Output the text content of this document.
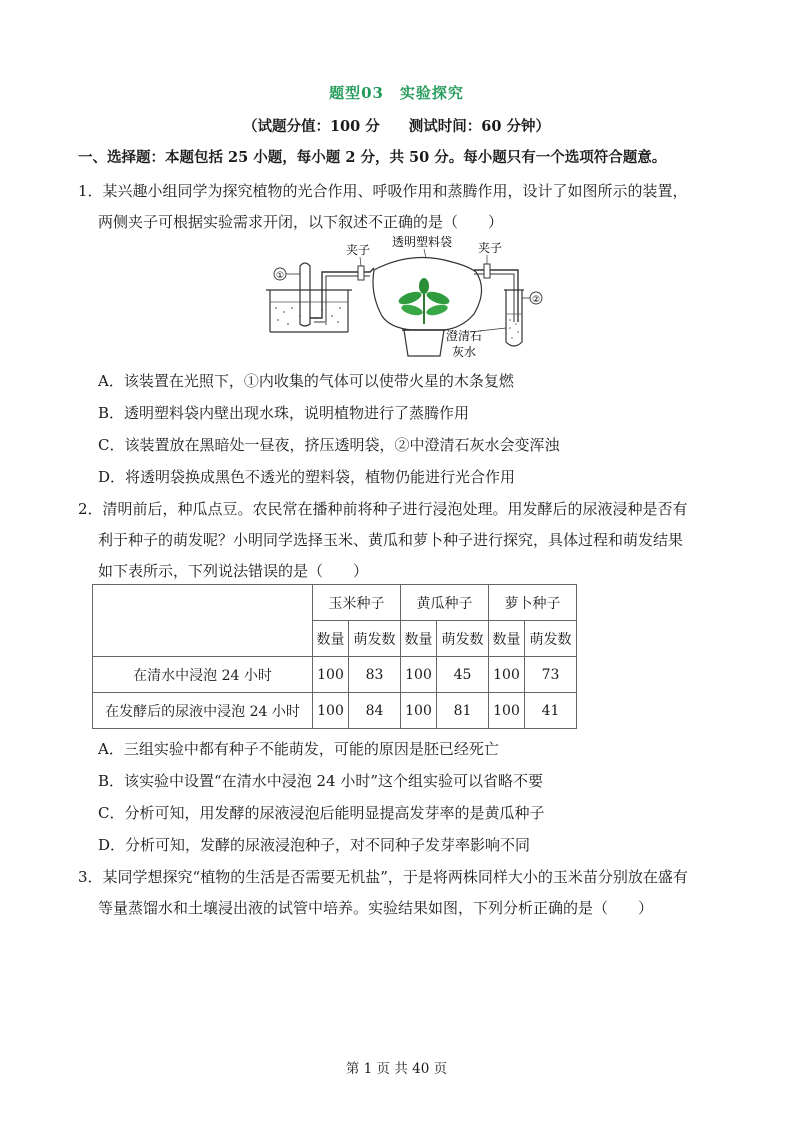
题型03　实验探究
（试题分值：100 分　　测试时间：60 分钟）
一、选择题：本题包括 25 小题，每小题 2 分，共 50 分。每小题只有一个选项符合题意。
1．某兴趣小组同学为探究植物的光合作用、呼吸作用和蒸腾作用，设计了如图所示的装置，
两侧夹子可根据实验需求开闭，以下叙述不正确的是（　　）
①
夹子
透明塑料袋 夹子
②
澄清石
灰水
A．该装置在光照下，①内收集的气体可以使带火星的木条复燃
B．透明塑料袋内壁出现水珠，说明植物进行了蒸腾作用
C．该装置放在黑暗处一昼夜，挤压透明袋，②中澄清石灰水会变浑浊
D．将透明袋换成黑色不透光的塑料袋，植物仍能进行光合作用
2．清明前后，种瓜点豆。农民常在播种前将种子进行浸泡处理。用发酵后的尿液浸种是否有
利于种子的萌发呢？小明同学选择玉米、黄瓜和萝卜种子进行探究，具体过程和萌发结果
如下表所示，下列说法错误的是（　　）
	玉米种子		黄瓜种子		萝卜种子	
	数量	萌发数	数量	萌发数	数量	萌发数
在清水中浸泡 24 小时	100	83	100	45	100	73
在发酵后的尿液中浸泡 24 小时	100	84	100	81	100	41
A．三组实验中都有种子不能萌发，可能的原因是胚已经死亡
B．该实验中设置“在清水中浸泡 24 小时”这个组实验可以省略不要
C．分析可知，用发酵的尿液浸泡后能明显提高发芽率的是黄瓜种子
D．分析可知，发酵的尿液浸泡种子，对不同种子发芽率影响不同
3．某同学想探究“植物的生活是否需要无机盐”，于是将两株同样大小的玉米苗分别放在盛有
等量蒸馏水和土壤浸出液的试管中培养。实验结果如图，下列分析正确的是（　　）
第 1 页 共 40 页
